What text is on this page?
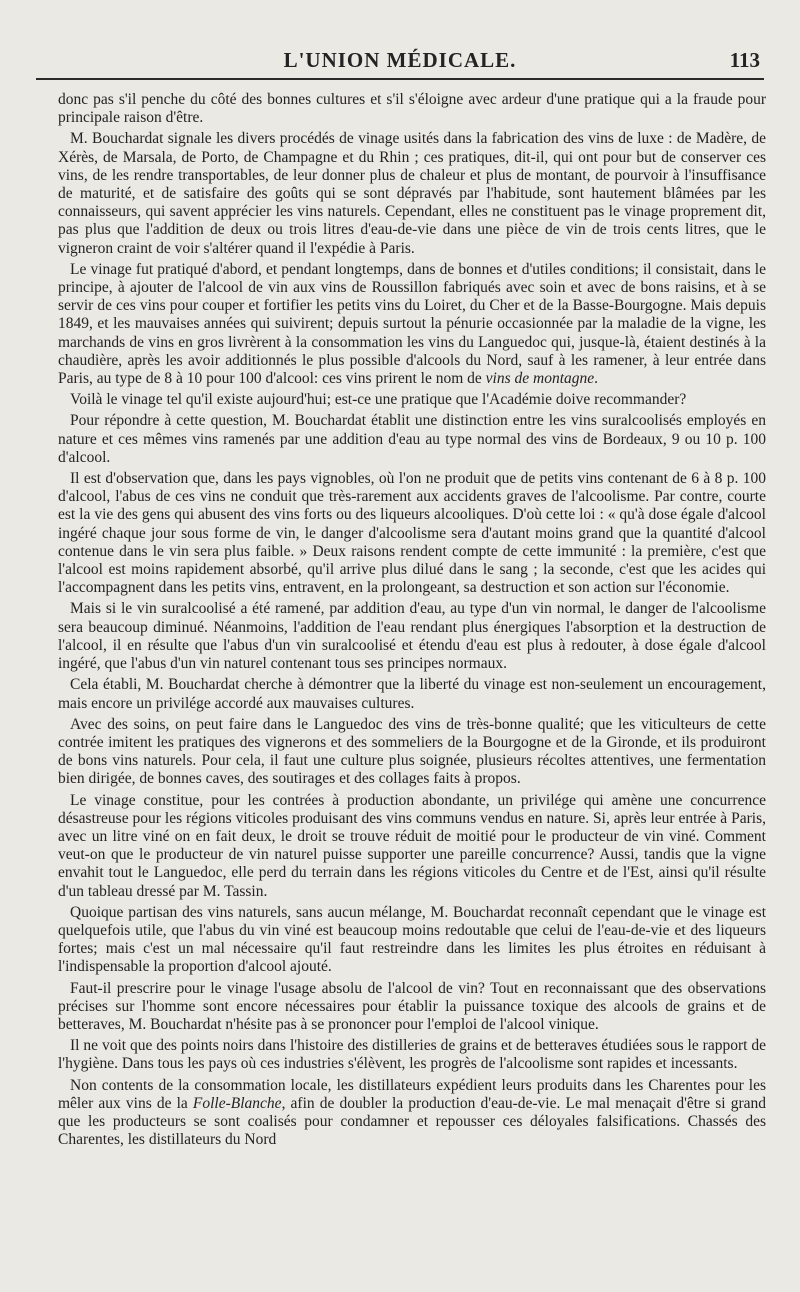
L'UNION MÉDICALE.	113

donc pas s'il penche du côté des bonnes cultures et s'il s'éloigne avec ardeur d'une pratique qui a la fraude pour principale raison d'être.

M. Bouchardat signale les divers procédés de vinage usités dans la fabrication des vins de luxe : de Madère, de Xérès, de Marsala, de Porto, de Champagne et du Rhin ; ces pratiques, dit-il, qui ont pour but de conserver ces vins, de les rendre transportables, de leur donner plus de chaleur et plus de montant, de pourvoir à l'insuffisance de maturité, et de satisfaire des goûts qui se sont dépravés par l'habitude, sont hautement blâmées par les connaisseurs, qui savent apprécier les vins naturels. Cependant, elles ne constituent pas le vinage proprement dit, pas plus que l'addition de deux ou trois litres d'eau-de-vie dans une pièce de vin de trois cents litres, que le vigneron craint de voir s'altérer quand il l'expédie à Paris.

Le vinage fut pratiqué d'abord, et pendant longtemps, dans de bonnes et d'utiles conditions; il consistait, dans le principe, à ajouter de l'alcool de vin aux vins de Roussillon fabriqués avec soin et avec de bons raisins, et à se servir de ces vins pour couper et fortifier les petits vins du Loiret, du Cher et de la Basse-Bourgogne. Mais depuis 1849, et les mauvaises années qui suivirent; depuis surtout la pénurie occasionnée par la maladie de la vigne, les marchands de vins en gros livrèrent à la consommation les vins du Languedoc qui, jusque-là, étaient destinés à la chaudière, après les avoir additionnés le plus possible d'alcools du Nord, sauf à les ramener, à leur entrée dans Paris, au type de 8 à 10 pour 100 d'alcool: ces vins prirent le nom de vins de montagne.

Voilà le vinage tel qu'il existe aujourd'hui; est-ce une pratique que l'Académie doive recommander?

Pour répondre à cette question, M. Bouchardat établit une distinction entre les vins suralcoolisés employés en nature et ces mêmes vins ramenés par une addition d'eau au type normal des vins de Bordeaux, 9 ou 10 p. 100 d'alcool.

Il est d'observation que, dans les pays vignobles, où l'on ne produit que de petits vins contenant de 6 à 8 p. 100 d'alcool, l'abus de ces vins ne conduit que très-rarement aux accidents graves de l'alcoolisme. Par contre, courte est la vie des gens qui abusent des vins forts ou des liqueurs alcooliques. D'où cette loi : « qu'à dose égale d'alcool ingéré chaque jour sous forme de vin, le danger d'alcoolisme sera d'autant moins grand que la quantité d'alcool contenue dans le vin sera plus faible. » Deux raisons rendent compte de cette immunité : la première, c'est que l'alcool est moins rapidement absorbé, qu'il arrive plus dilué dans le sang ; la seconde, c'est que les acides qui l'accompagnent dans les petits vins, entravent, en la prolongeant, sa destruction et son action sur l'économie.

Mais si le vin suralcoolisé a été ramené, par addition d'eau, au type d'un vin normal, le danger de l'alcoolisme sera beaucoup diminué. Néanmoins, l'addition de l'eau rendant plus énergiques l'absorption et la destruction de l'alcool, il en résulte que l'abus d'un vin suralcoolisé et étendu d'eau est plus à redouter, à dose égale d'alcool ingéré, que l'abus d'un vin naturel contenant tous ses principes normaux.

Cela établi, M. Bouchardat cherche à démontrer que la liberté du vinage est non-seulement un encouragement, mais encore un privilége accordé aux mauvaises cultures.

Avec des soins, on peut faire dans le Languedoc des vins de très-bonne qualité; que les viticulteurs de cette contrée imitent les pratiques des vignerons et des sommeliers de la Bourgogne et de la Gironde, et ils produiront de bons vins naturels. Pour cela, il faut une culture plus soignée, plusieurs récoltes attentives, une fermentation bien dirigée, de bonnes caves, des soutirages et des collages faits à propos.

Le vinage constitue, pour les contrées à production abondante, un privilége qui amène une concurrence désastreuse pour les régions viticoles produisant des vins communs vendus en nature. Si, après leur entrée à Paris, avec un litre viné on en fait deux, le droit se trouve réduit de moitié pour le producteur de vin viné. Comment veut-on que le producteur de vin naturel puisse supporter une pareille concurrence? Aussi, tandis que la vigne envahit tout le Languedoc, elle perd du terrain dans les régions viticoles du Centre et de l'Est, ainsi qu'il résulte d'un tableau dressé par M. Tassin.

Quoique partisan des vins naturels, sans aucun mélange, M. Bouchardat reconnaît cependant que le vinage est quelquefois utile, que l'abus du vin viné est beaucoup moins redoutable que celui de l'eau-de-vie et des liqueurs fortes; mais c'est un mal nécessaire qu'il faut restreindre dans les limites les plus étroites en réduisant à l'indispensable la proportion d'alcool ajouté.

Faut-il prescrire pour le vinage l'usage absolu de l'alcool de vin? Tout en reconnaissant que des observations précises sur l'homme sont encore nécessaires pour établir la puissance toxique des alcools de grains et de betteraves, M. Bouchardat n'hésite pas à se prononcer pour l'emploi de l'alcool vinique.

Il ne voit que des points noirs dans l'histoire des distilleries de grains et de betteraves étudiées sous le rapport de l'hygiène. Dans tous les pays où ces industries s'élèvent, les progrès de l'alcoolisme sont rapides et incessants.

Non contents de la consommation locale, les distillateurs expédient leurs produits dans les Charentes pour les mêler aux vins de la Folle-Blanche, afin de doubler la production d'eau-de-vie. Le mal menaçait d'être si grand que les producteurs se sont coalisés pour condamner et repousser ces déloyales falsifications. Chassés des Charentes, les distillateurs du Nord
